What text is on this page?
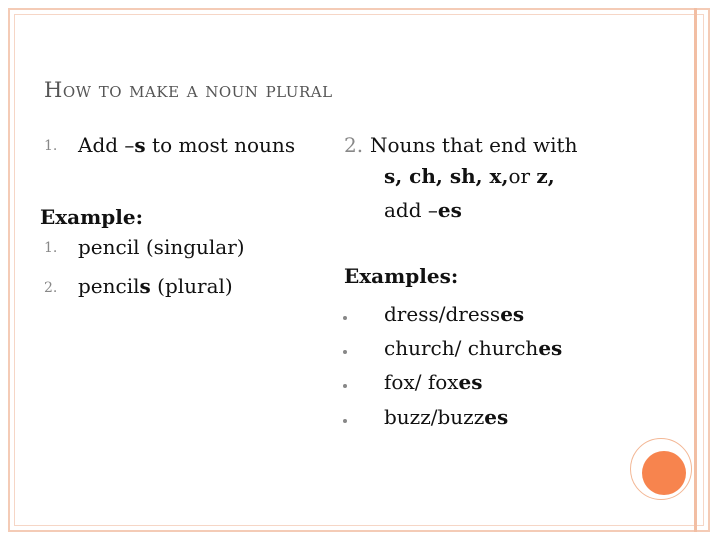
How to make a noun plural
1. Add –s to most nouns
Example:
1. pencil (singular)
2. pencils (plural)
2. Nouns that end with
s, ch, sh, x,or z,
add –es
Examples:
dress/dresses
church/ churches
fox/ foxes
buzz/buzzes
